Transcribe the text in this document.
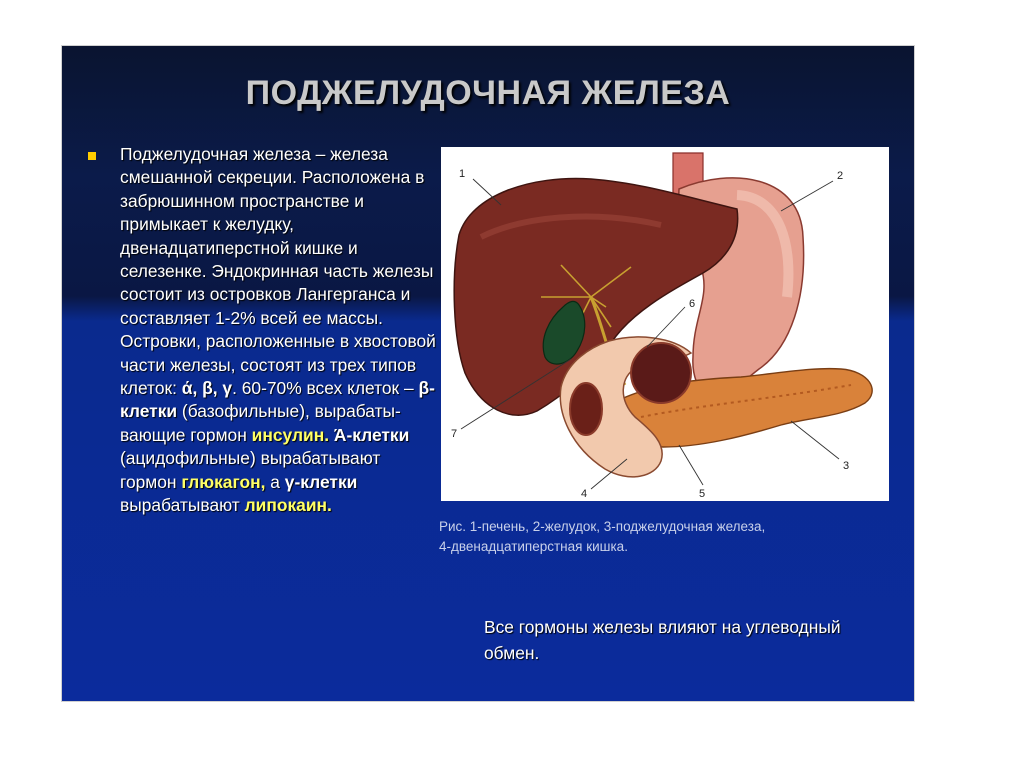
ПОДЖЕЛУДОЧНАЯ ЖЕЛЕЗА
Поджелудочная железа – железа смешанной секреции. Расположена в забрюшинном пространстве и примыкает к желудку, двенадцатиперстной кишке и селезенке. Эндокринная часть железы состоит из островков Лангерганса и составляет 1-2% всей ее массы. Островки, расположенные в хвостовой части железы, состоят из трех типов клеток: ά, β, γ. 60-70% всех клеток – β-клетки (базофильные), вырабаты-вающие гормон инсулин. Ά-клетки (ацидофильные) вырабатывают гормон глюкагон, а γ-клетки вырабатывают липокаин.
1	2
3
4	5
6
7
Рис. 1-печень, 2-желудок, 3-поджелудочная железа,
4-двенадцатиперстная кишка.
Все гормоны железы влияют на углеводный обмен.
